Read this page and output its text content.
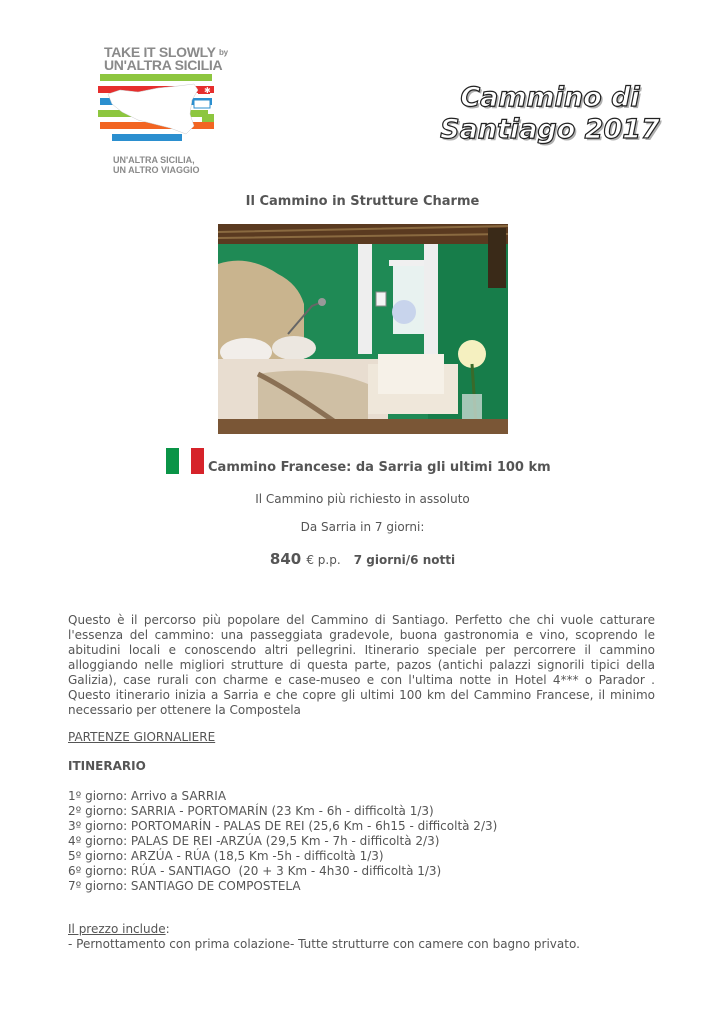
TAKE IT SLOWLY $^{by}$
UN'ALTRA SICILIA
✱
UN'ALTRA SICILIA,
UN ALTRO VIAGGIO
Cammino di
Santiago 2017
Il Cammino in Strutture Charme
Cammino Francese: da Sarria gli ultimi 100 km
Il Cammino più richiesto in assoluto
Da Sarria in 7 giorni:
840 € p.p. 7 giorni/6 notti
Questo è il percorso più popolare del Cammino di Santiago. Perfetto che chi vuole catturare l'essenza del cammino: una passeggiata gradevole, buona gastronomia e vino, scoprendo le abitudini locali e conoscendo altri pellegrini. Itinerario speciale per percorrere il cammino alloggiando nelle migliori strutture di questa parte, pazos (antichi palazzi signorili tipici della Galizia), case rurali con charme e case-museo e con l'ultima notte in Hotel 4*** o Parador . Questo itinerario inizia a Sarria e che copre gli ultimi 100 km del Cammino Francese, il minimo necessario per ottenere la Compostela
PARTENZE GIORNALIERE
ITINERARIO
1º giorno: Arrivo a SARRIA
2º giorno: SARRIA - PORTOMARÍN (23 Km - 6h - difficoltà 1/3)
3º giorno: PORTOMARÍN - PALAS DE REI (25,6 Km - 6h15 - difficoltà 2/3)
4º giorno: PALAS DE REI -ARZÚA (29,5 Km - 7h - difficoltà 2/3)
5º giorno: ARZÚA - RÚA (18,5 Km -5h - difficoltà 1/3)
6º giorno: RÚA - SANTIAGO  (20 + 3 Km - 4h30 - difficoltà 1/3)
7º giorno: SANTIAGO DE COMPOSTELA
Il prezzo include:
- Pernottamento con prima colazione- Tutte strutturre con camere con bagno privato.
